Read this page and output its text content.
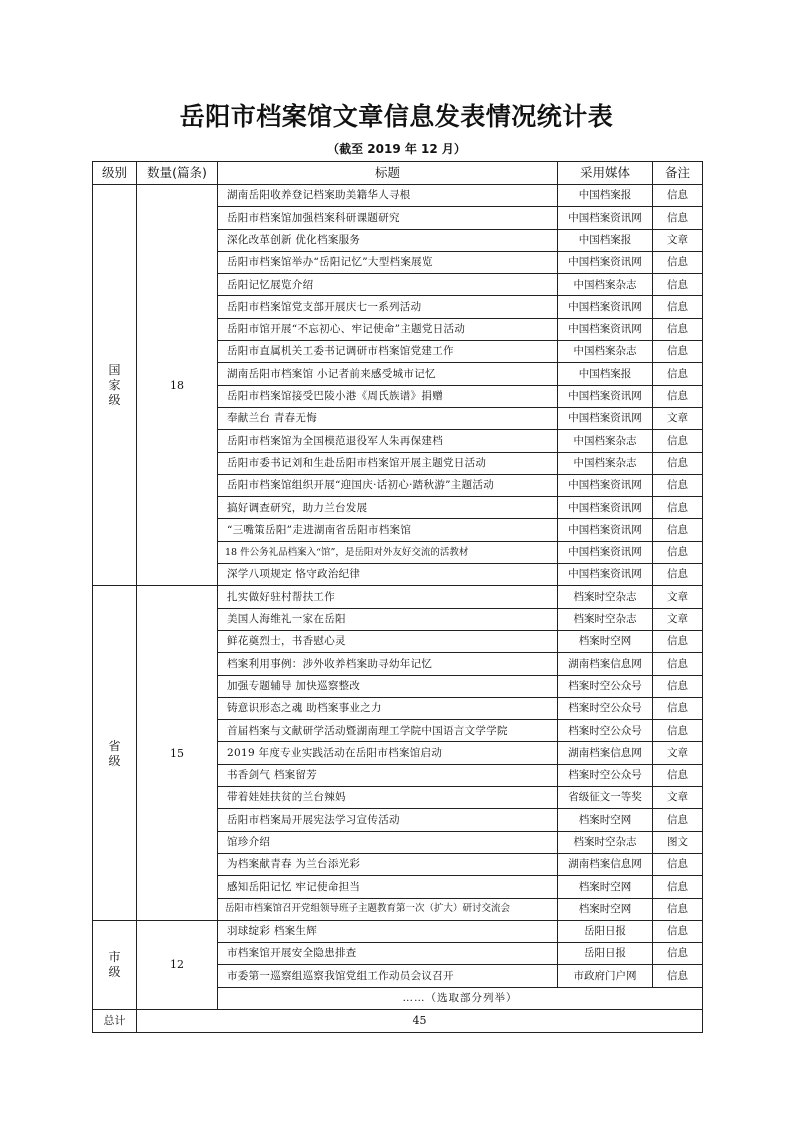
岳阳市档案馆文章信息发表情况统计表
（截至 2019 年 12 月）
级别	数量(篇条)	标题	采用媒体	备注

国
家
级	18	湖南岳阳收养登记档案助美籍华人寻根	中国档案报	信息
		岳阳市档案馆加强档案科研课题研究	中国档案资讯网	信息
		深化改革创新 优化档案服务	中国档案报	文章
		岳阳市档案馆举办“岳阳记忆”大型档案展览	中国档案资讯网	信息
		岳阳记忆展览介绍	中国档案杂志	信息
		岳阳市档案馆党支部开展庆七一系列活动	中国档案资讯网	信息
		岳阳市馆开展“不忘初心、牢记使命”主题党日活动	中国档案资讯网	信息
		岳阳市直属机关工委书记调研市档案馆党建工作	中国档案杂志	信息
		湖南岳阳市档案馆 小记者前来感受城市记忆	中国档案报	信息
		岳阳市档案馆接受巴陵小港《周氏族谱》捐赠	中国档案资讯网	信息
		奉献兰台 青春无悔	中国档案资讯网	文章
		岳阳市档案馆为全国模范退役军人朱再保建档	中国档案杂志	信息
		岳阳市委书记刘和生赴岳阳市档案馆开展主题党日活动	中国档案杂志	信息
		岳阳市档案馆组织开展“迎国庆·话初心·踏秋游”主题活动	中国档案资讯网	信息
		搞好调查研究，助力兰台发展	中国档案资讯网	信息
		“三嘴策岳阳”走进湖南省岳阳市档案馆	中国档案资讯网	信息
		18 件公务礼品档案入“馆”，是岳阳对外友好交流的活教材	中国档案资讯网	信息
		深学八项规定 恪守政治纪律	中国档案资讯网	信息

省
级	15	扎实做好驻村帮扶工作	档案时空杂志	文章
		美国人海维礼一家在岳阳	档案时空杂志	文章
		鲜花奠烈士，书香慰心灵	档案时空网	信息
		档案利用事例：涉外收养档案助寻幼年记忆	湖南档案信息网	信息
		加强专题辅导 加快巡察整改	档案时空公众号	信息
		铸意识形态之魂 助档案事业之力	档案时空公众号	信息
		首届档案与文献研学活动暨湖南理工学院中国语言文学学院	档案时空公众号	信息
		2019 年度专业实践活动在岳阳市档案馆启动	湖南档案信息网	文章
		书香剑气 档案留芳	档案时空公众号	信息
		带着娃娃扶贫的兰台辣妈	省级征文一等奖	文章
		岳阳市档案局开展宪法学习宣传活动	档案时空网	信息
		馆珍介绍	档案时空杂志	图文
		为档案献青春 为兰台添光彩	湖南档案信息网	信息
		感知岳阳记忆 牢记使命担当	档案时空网	信息
		岳阳市档案馆召开党组领导班子主题教育第一次（扩大）研讨交流会	档案时空网	信息

市
级	12	羽球绽彩 档案生辉	岳阳日报	信息
		市档案馆开展安全隐患排查	岳阳日报	信息
		市委第一巡察组巡察我馆党组工作动员会议召开	市政府门户网	信息
		……（选取部分列举）		
总计	45			
